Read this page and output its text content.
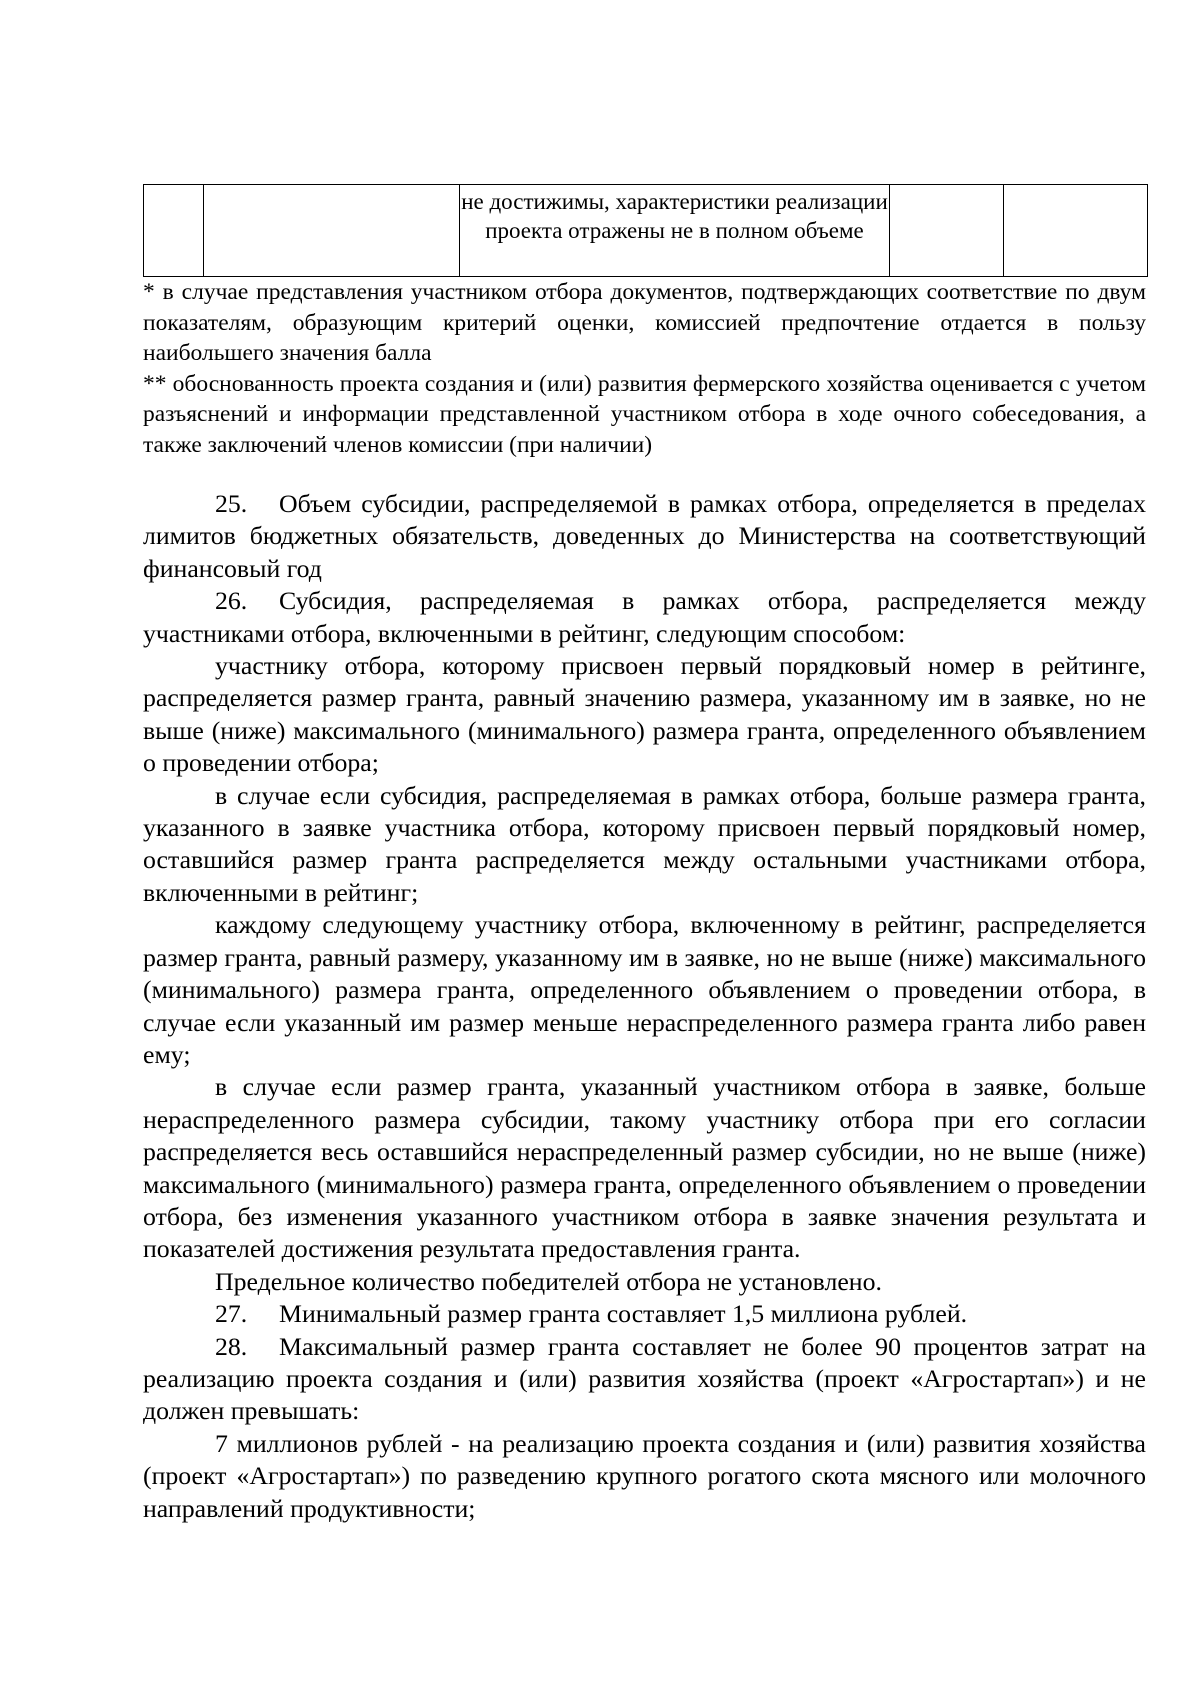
		не достижимы, характеристики реализации проекта отражены не в полном объеме		

* в случае представления участником отбора документов, подтверждающих соответствие по двум показателям, образующим критерий оценки, комиссией предпочтение отдается в пользу наибольшего значения балла

** обоснованность проекта создания и (или) развития фермерского хозяйства оценивается с учетом разъяснений и информации представленной участником отбора в ходе очного собеседования, а также заключений членов комиссии (при наличии)

25. Объем субсидии, распределяемой в рамках отбора, определяется в пределах лимитов бюджетных обязательств, доведенных до Министерства на соответствующий финансовый год

26. Субсидия, распределяемая в рамках отбора, распределяется между участниками отбора, включенными в рейтинг, следующим способом:

участнику отбора, которому присвоен первый порядковый номер в рейтинге, распределяется размер гранта, равный значению размера, указанному им в заявке, но не выше (ниже) максимального (минимального) размера гранта, определенного объявлением о проведении отбора;

в случае если субсидия, распределяемая в рамках отбора, больше размера гранта, указанного в заявке участника отбора, которому присвоен первый порядковый номер, оставшийся размер гранта распределяется между остальными участниками отбора, включенными в рейтинг;

каждому следующему участнику отбора, включенному в рейтинг, распределяется размер гранта, равный размеру, указанному им в заявке, но не выше (ниже) максимального (минимального) размера гранта, определенного объявлением о проведении отбора, в случае если указанный им размер меньше нераспределенного размера гранта либо равен ему;

в случае если размер гранта, указанный участником отбора в заявке, больше нераспределенного размера субсидии, такому участнику отбора при его согласии распределяется весь оставшийся нераспределенный размер субсидии, но не выше (ниже) максимального (минимального) размера гранта, определенного объявлением о проведении отбора, без изменения указанного участником отбора в заявке значения результата и показателей достижения результата предоставления гранта.

Предельное количество победителей отбора не установлено.

27. Минимальный размер гранта составляет 1,5 миллиона рублей.

28. Максимальный размер гранта составляет не более 90 процентов затрат на реализацию проекта создания и (или) развития хозяйства (проект «Агростартап») и не должен превышать:

7 миллионов рублей - на реализацию проекта создания и (или) развития хозяйства (проект «Агростартап») по разведению крупного рогатого скота мясного или молочного направлений продуктивности;
